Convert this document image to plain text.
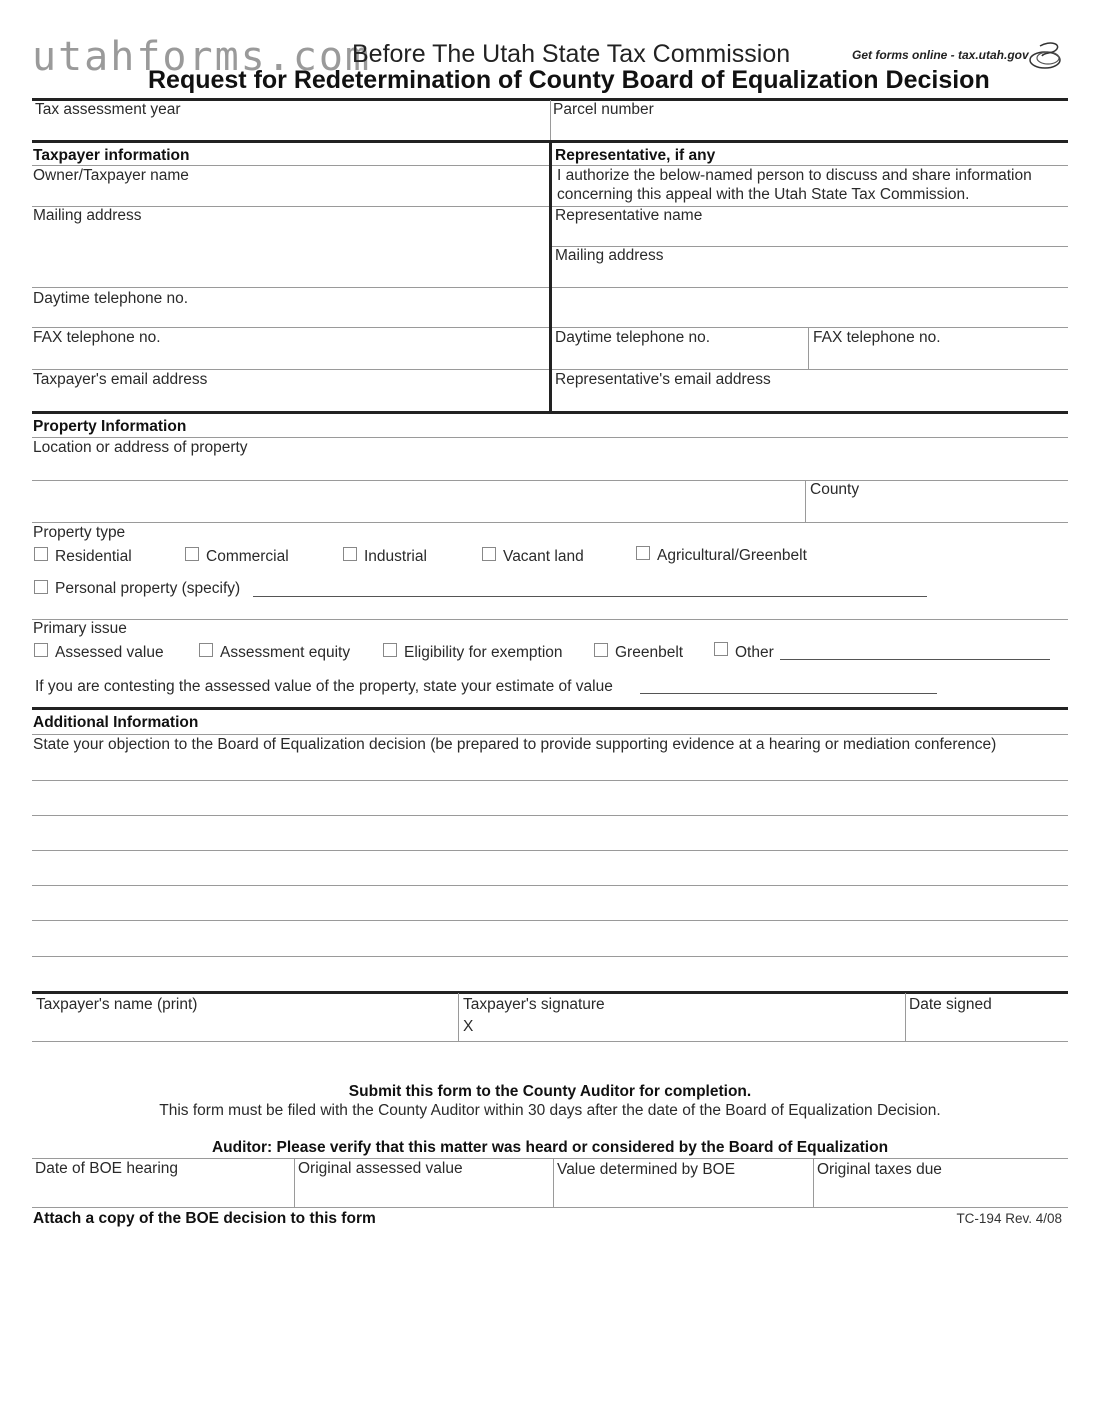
utahforms.com
Before The Utah State Tax Commission
Request for Redetermination of County Board of Equalization Decision
Get forms online - tax.utah.gov
Tax assessment year	Parcel number
Taxpayer information	Representative, if any
Owner/Taxpayer name	I authorize the below-named person to discuss and share information
concerning this appeal with the Utah State Tax Commission.
Mailing address	Representative name
Mailing address
Daytime telephone no.
FAX telephone no.	Daytime telephone no.	FAX telephone no.
Taxpayer's email address	Representative's email address
Property Information
Location or address of property
County
Property type
Residential	Commercial	Industrial	Vacant land	Agricultural/Greenbelt
Personal property (specify)
Primary issue
Assessed value	Assessment equity	Eligibility for exemption	Greenbelt	Other
If you are contesting the assessed value of the property, state your estimate of value
Additional Information
State your objection to the Board of Equalization decision (be prepared to provide supporting evidence at a hearing or mediation conference)
Taxpayer's name (print)	Taxpayer's signature
X
Date signed
Submit this form to the County Auditor for completion.
This form must be filed with the County Auditor within 30 days after the date of the Board of Equalization Decision.
Auditor: Please verify that this matter was heard or considered by the Board of Equalization
Date of BOE hearing	Original assessed value	Value determined by BOE	Original taxes due
Attach a copy of the BOE decision to this form	TC-194 Rev. 4/08
